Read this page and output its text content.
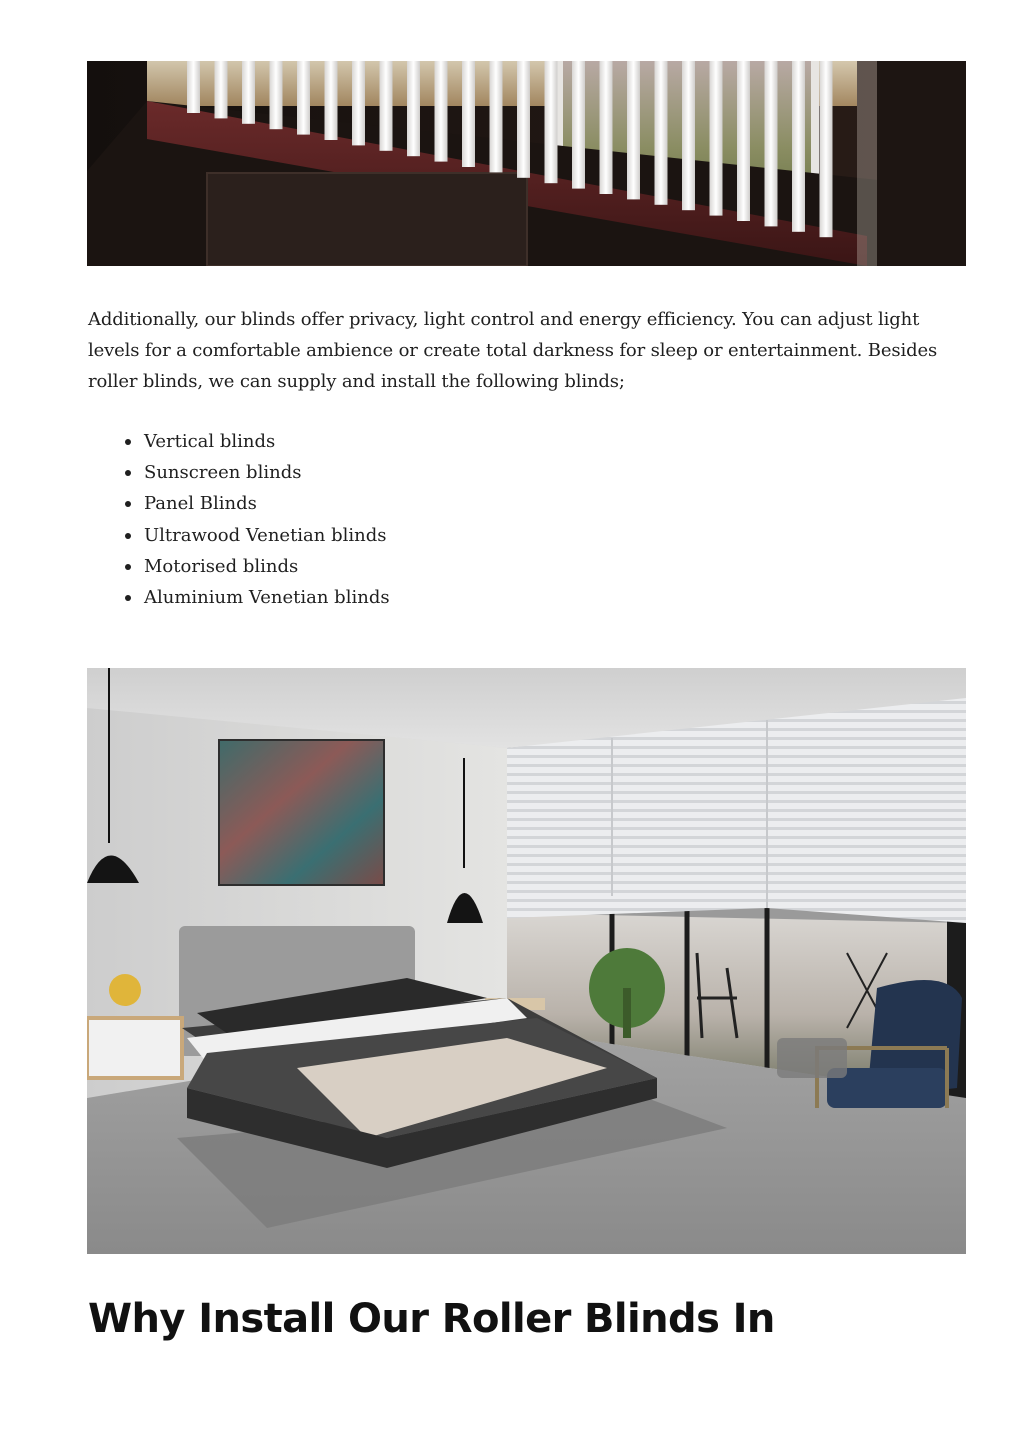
Additionally, our blinds offer privacy, light control and energy efficiency. You can adjust light levels for a comfortable ambience or create total darkness for sleep or entertainment. Besides roller blinds, we can supply and install the following blinds;

Vertical blinds
Sunscreen blinds
Panel Blinds
Ultrawood Venetian blinds
Motorised blinds
Aluminium Venetian blinds
Why Install Our Roller Blinds In
